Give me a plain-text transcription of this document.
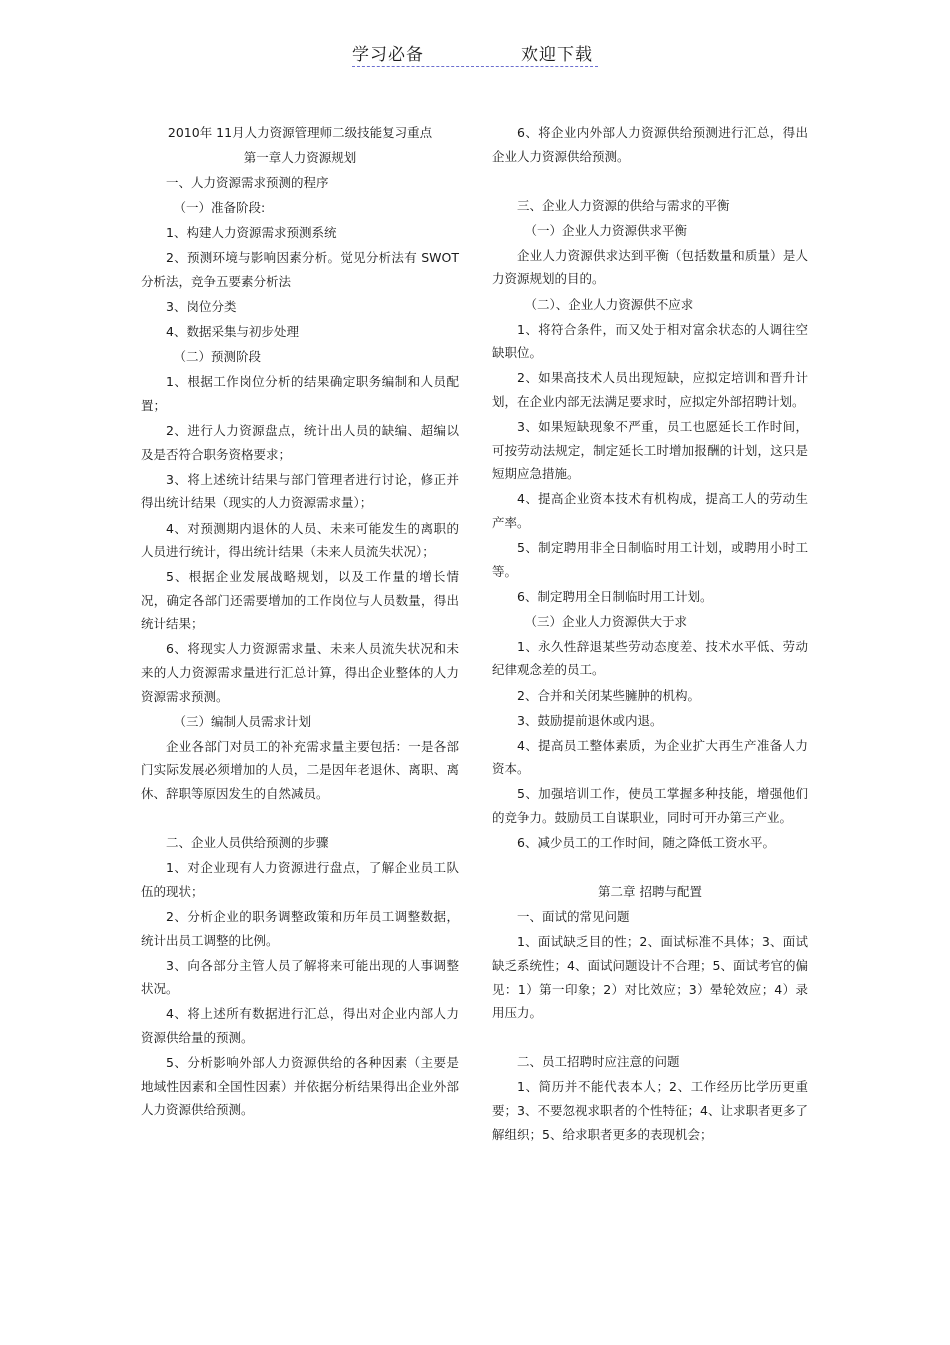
学习必备	欢迎下载
2010年 11月人力资源管理师二级技能复习重点
第一章人力资源规划
一、人力资源需求预测的程序
（一）准备阶段:
1、构建人力资源需求预测系统
2、预测环境与影响因素分析。觉见分析法有 SWOT 分析法，竞争五要素分析法
3、岗位分类
4、数据采集与初步处理
（二）预测阶段
1、根据工作岗位分析的结果确定职务编制和人员配置；
2、进行人力资源盘点，统计出人员的缺编、超编以及是否符合职务资格要求；
3、将上述统计结果与部门管理者进行讨论，修正并得出统计结果（现实的人力资源需求量）；
4、对预测期内退休的人员、未来可能发生的离职的人员进行统计，得出统计结果（未来人员流失状况）；
5、根据企业发展战略规划，以及工作量的增长情况，确定各部门还需要增加的工作岗位与人员数量，得出统计结果；
6、将现实人力资源需求量、未来人员流失状况和未来的人力资源需求量进行汇总计算，得出企业整体的人力资源需求预测。
（三）编制人员需求计划
企业各部门对员工的补充需求量主要包括：一是各部门实际发展必须增加的人员，二是因年老退休、离职、离休、辞职等原因发生的自然减员。
二、企业人员供给预测的步骤
1、对企业现有人力资源进行盘点，了解企业员工队伍的现状；
2、分析企业的职务调整政策和历年员工调整数据，统计出员工调整的比例。
3、向各部分主管人员了解将来可能出现的人事调整状况。
4、将上述所有数据进行汇总，得出对企业内部人力资源供给量的预测。
5、分析影响外部人力资源供给的各种因素（主要是地域性因素和全国性因素）并依据分析结果得出企业外部人力资源供给预测。
6、将企业内外部人力资源供给预测进行汇总，得出企业人力资源供给预测。
三、企业人力资源的供给与需求的平衡
（一）企业人力资源供求平衡
企业人力资源供求达到平衡（包括数量和质量）是人力资源规划的目的。
（二）、企业人力资源供不应求
1、将符合条件，而又处于相对富余状态的人调往空缺职位。
2、如果高技术人员出现短缺，应拟定培训和晋升计划，在企业内部无法满足要求时，应拟定外部招聘计划。
3、如果短缺现象不严重，员工也愿延长工作时间，可按劳动法规定，制定延长工时增加报酬的计划，这只是短期应急措施。
4、提高企业资本技术有机构成，提高工人的劳动生产率。
5、制定聘用非全日制临时用工计划，或聘用小时工等。
6、制定聘用全日制临时用工计划。
（三）企业人力资源供大于求
1、永久性辞退某些劳动态度差、技术水平低、劳动纪律观念差的员工。
2、合并和关闭某些臃肿的机构。
3、鼓励提前退休或内退。
4、提高员工整体素质，为企业扩大再生产准备人力资本。
5、加强培训工作，使员工掌握多种技能，增强他们的竞争力。鼓励员工自谋职业，同时可开办第三产业。
6、减少员工的工作时间，随之降低工资水平。
第二章 招聘与配置
一、面试的常见问题
1、面试缺乏目的性；2、面试标准不具体；3、面试缺乏系统性；4、面试问题设计不合理；5、面试考官的偏见：1）第一印象；2）对比效应；3）晕轮效应；4）录用压力。
二、员工招聘时应注意的问题
1、简历并不能代表本人；2、工作经历比学历更重要；3、不要忽视求职者的个性特征；4、让求职者更多了解组织；5、给求职者更多的表现机会；
